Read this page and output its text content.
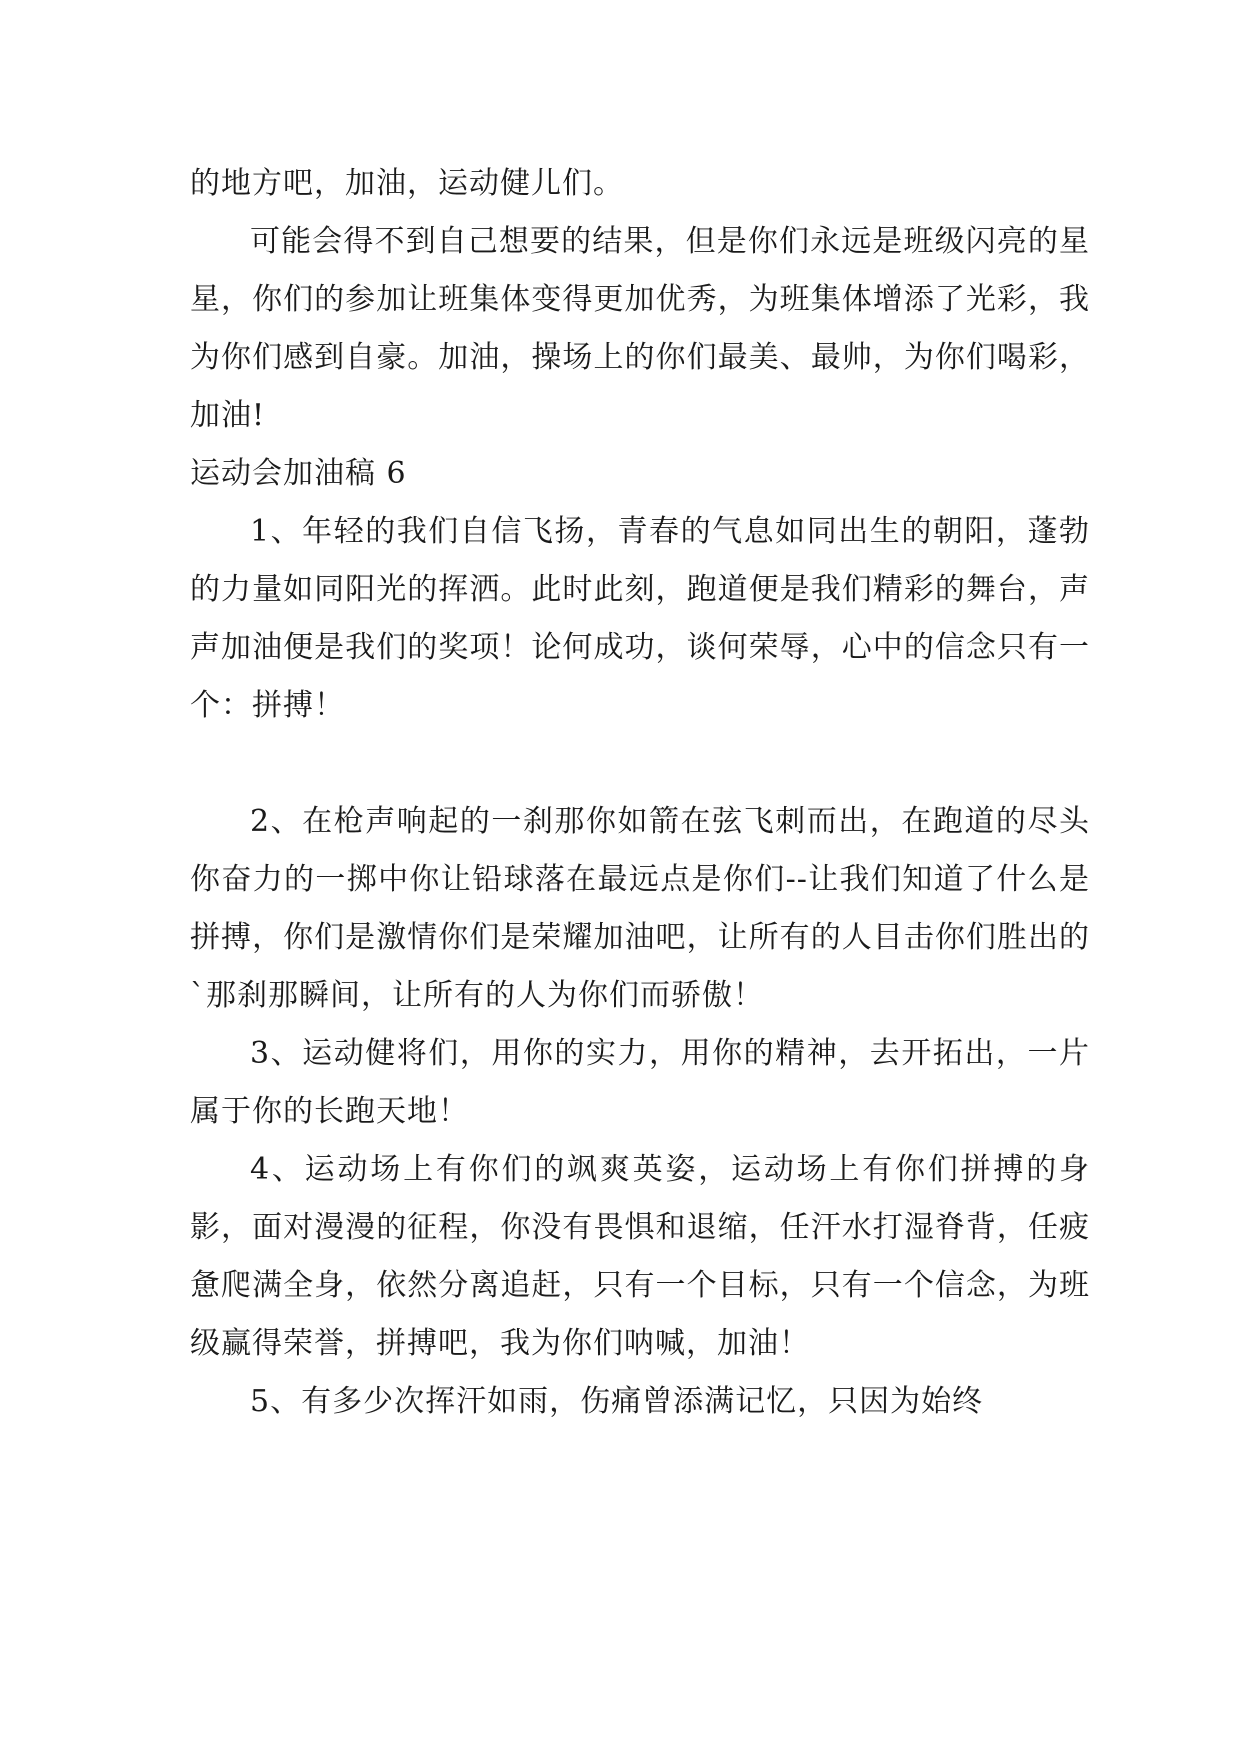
的地方吧，加油，运动健儿们。

可能会得不到自己想要的结果，但是你们永远是班级闪亮的星星，你们的参加让班集体变得更加优秀，为班集体增添了光彩，我为你们感到自豪。加油，操场上的你们最美、最帅，为你们喝彩，加油!

运动会加油稿 6

1、年轻的我们自信飞扬，青春的气息如同出生的朝阳，蓬勃的力量如同阳光的挥洒。此时此刻，跑道便是我们精彩的舞台，声声加油便是我们的奖项！论何成功，谈何荣辱，心中的信念只有一个：拼搏！

2、在枪声响起的一刹那你如箭在弦飞刺而出，在跑道的尽头你奋力的一掷中你让铅球落在最远点是你们--让我们知道了什么是拼搏，你们是激情你们是荣耀加油吧，让所有的人目击你们胜出的`那刹那瞬间，让所有的人为你们而骄傲！

3、运动健将们，用你的实力，用你的精神，去开拓出，一片属于你的长跑天地！

4、运动场上有你们的飒爽英姿，运动场上有你们拼搏的身影，面对漫漫的征程，你没有畏惧和退缩，任汗水打湿脊背，任疲惫爬满全身，依然分离追赶，只有一个目标，只有一个信念，为班级赢得荣誉，拼搏吧，我为你们呐喊，加油！

5、有多少次挥汗如雨，伤痛曾添满记忆，只因为始终
